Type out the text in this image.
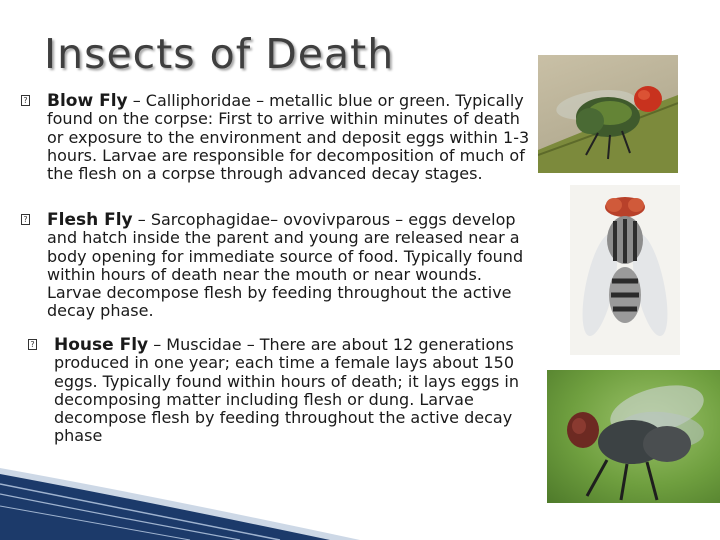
Insects of Death
? Blow Fly – Calliphoridae – metallic blue or green. Typically found on the corpse: First to arrive within minutes of death or exposure to the environment and deposit eggs within 1-3 hours. Larvae are responsible for decomposition of much of the flesh on a corpse through advanced decay stages.
? Flesh Fly – Sarcophagidae– ovovivparous – eggs develop and hatch inside the parent and young are released near a body opening for immediate source of food. Typically found within hours of death near the mouth or near wounds. Larvae decompose flesh by feeding throughout the active decay phase.
? House Fly – Muscidae – There are about 12 generations produced in one year; each time a female lays about 150 eggs. Typically found within hours of death; it lays eggs in decomposing matter including flesh or dung. Larvae decompose flesh by feeding throughout the active decay phase
